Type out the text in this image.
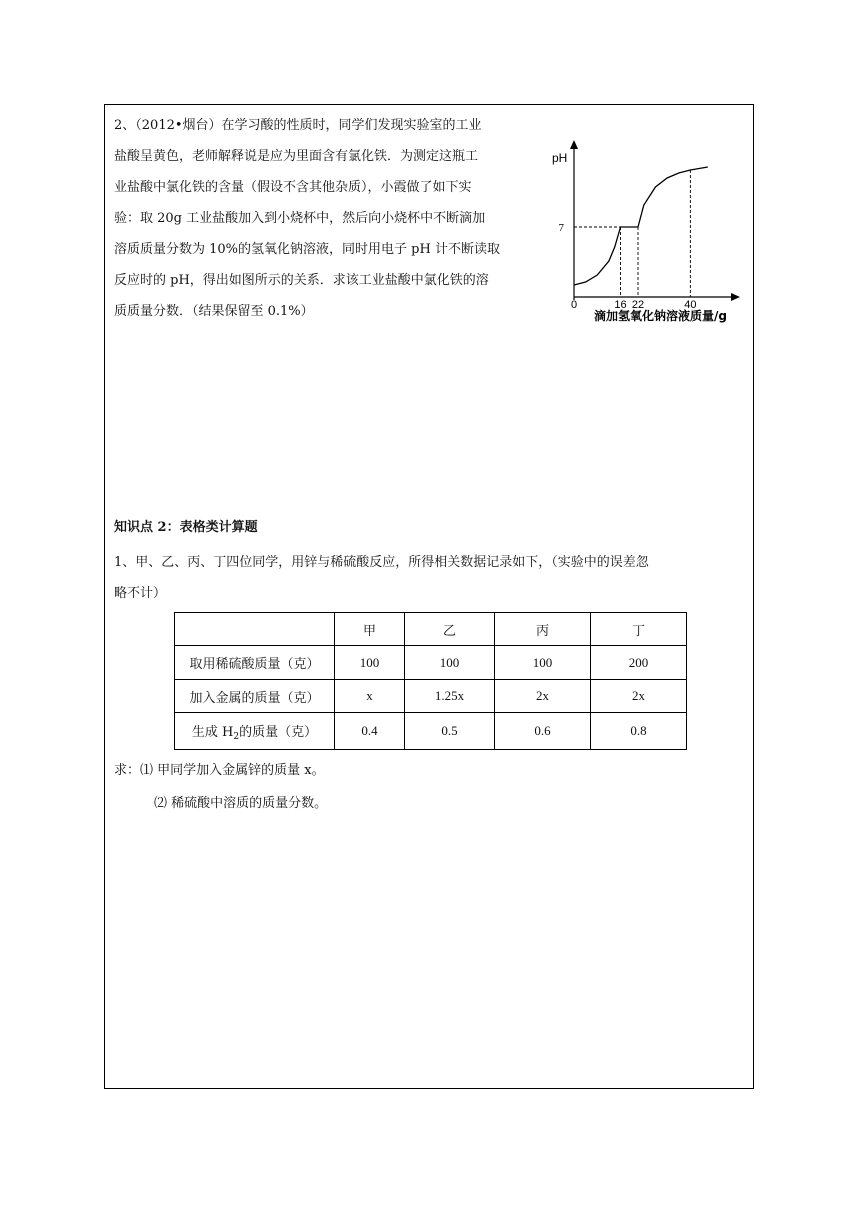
2、（2012•烟台）在学习酸的性质时，同学们发现实验室的工业
盐酸呈黄色，老师解释说是应为里面含有氯化铁．为测定这瓶工
业盐酸中氯化铁的含量（假设不含其他杂质），小霞做了如下实
验：取 20g 工业盐酸加入到小烧杯中，然后向小烧杯中不断滴加
溶质质量分数为 10%的氢氧化钠溶液，同时用电子 pH 计不断读取
反应时的 pH，得出如图所示的关系．求该工业盐酸中氯化铁的溶
质质量分数．（结果保留至 0.1%）
pH
7
0	16 22	40
滴加氢氧化钠溶液质量/g
知识点 2：表格类计算题
1、甲、乙、丙、丁四位同学，用锌与稀硫酸反应，所得相关数据记录如下，（实验中的误差忽
略不计）
	甲	乙	丙	丁
取用稀硫酸质量（克）	100	100	100	200
加入金属的质量（克）	x	1.25x	2x	2x
生成 $H_2$的质量（克）	0.4	0.5	0.6	0.8
求：⑴ 甲同学加入金属锌的质量 x。
⑵ 稀硫酸中溶质的质量分数。
